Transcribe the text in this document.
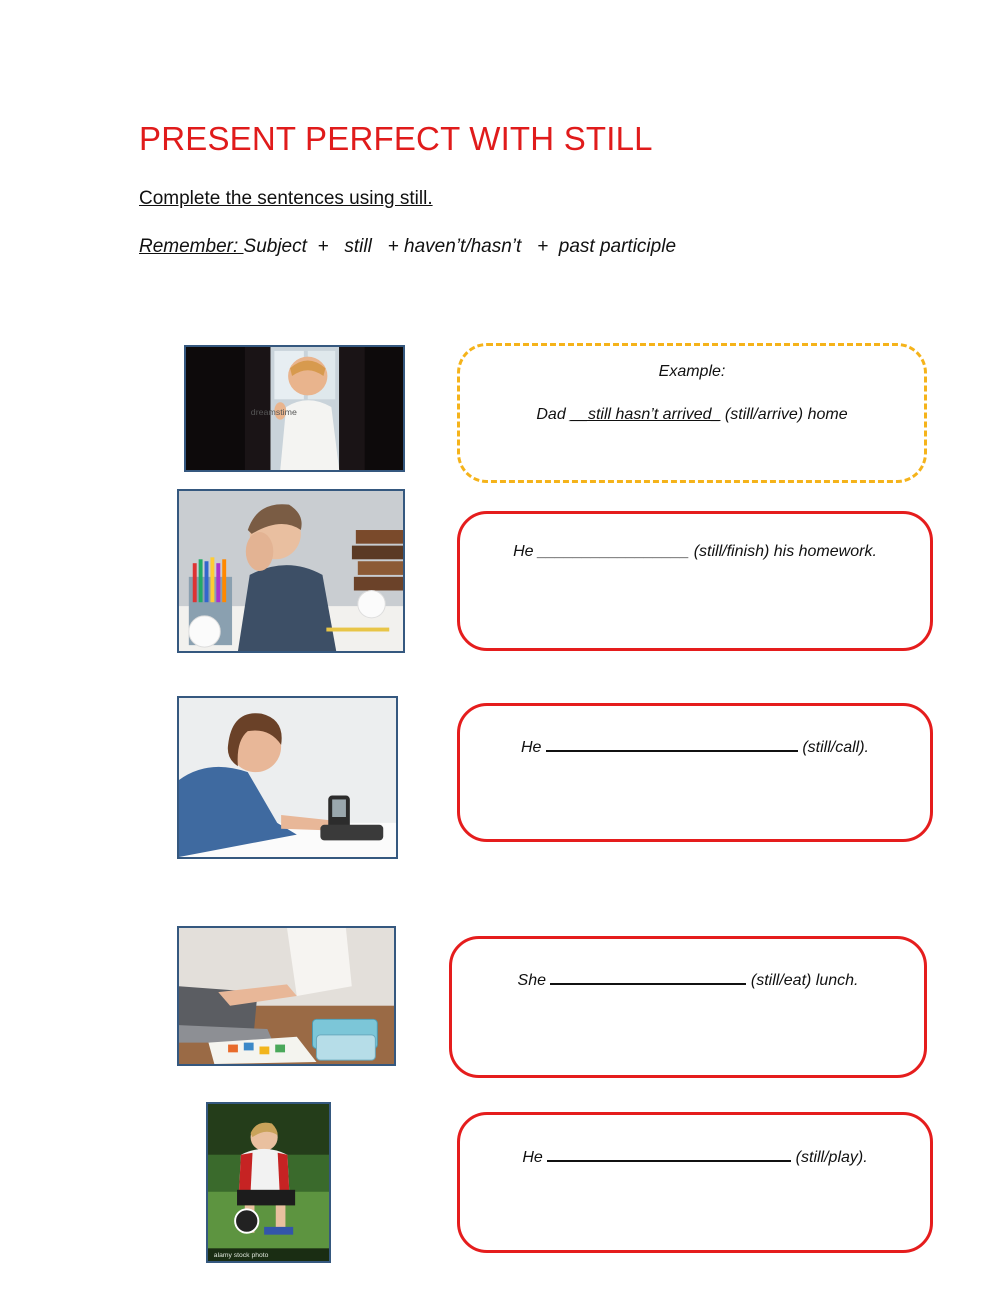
PRESENT PERFECT WITH STILL

Complete the sentences using still.

Remember: Subject  +   still   + haven’t/hasn’t   +  past participle

dreamstime
alamy stock photo
Example:
Dad __still hasn’t arrived_ (still/arrive) home
He _________________ (still/finish) his homework.
He	(still/call).
She	(still/eat) lunch.
He	(still/play).
